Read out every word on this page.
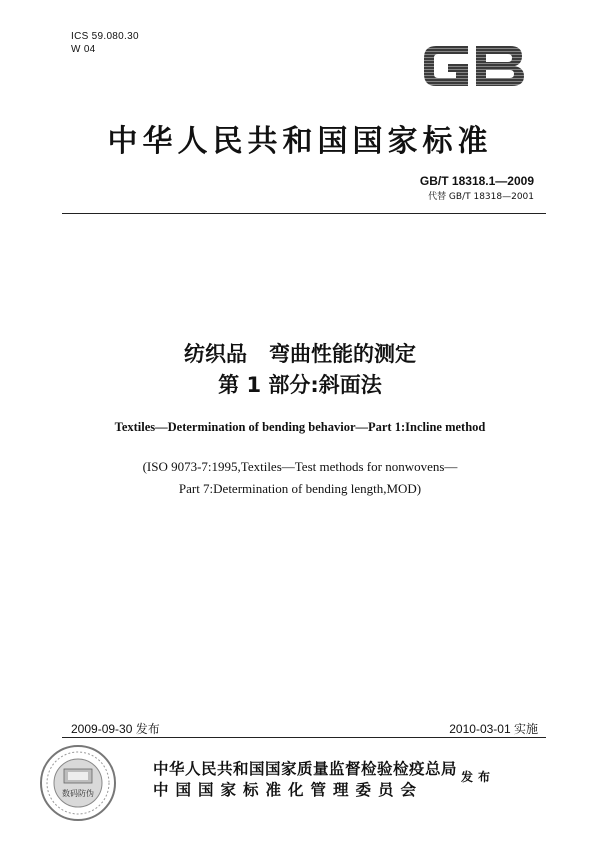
ICS 59.080.30
W 04
中华人民共和国国家标准
GB/T 18318.1—2009
代替 GB/T 18318—2001
纺织品 弯曲性能的测定
第 1 部分:斜面法
Textiles—Determination of bending behavior—Part 1:Incline method
(ISO 9073-7:1995,Textiles—Test methods for nonwovens—
Part 7:Determination of bending length,MOD)
2009-09-30 发布	2010-03-01 实施
数码防伪
中华人民共和国国家质量监督检验检疫总局
中国国家标准化管理委员会
发布
